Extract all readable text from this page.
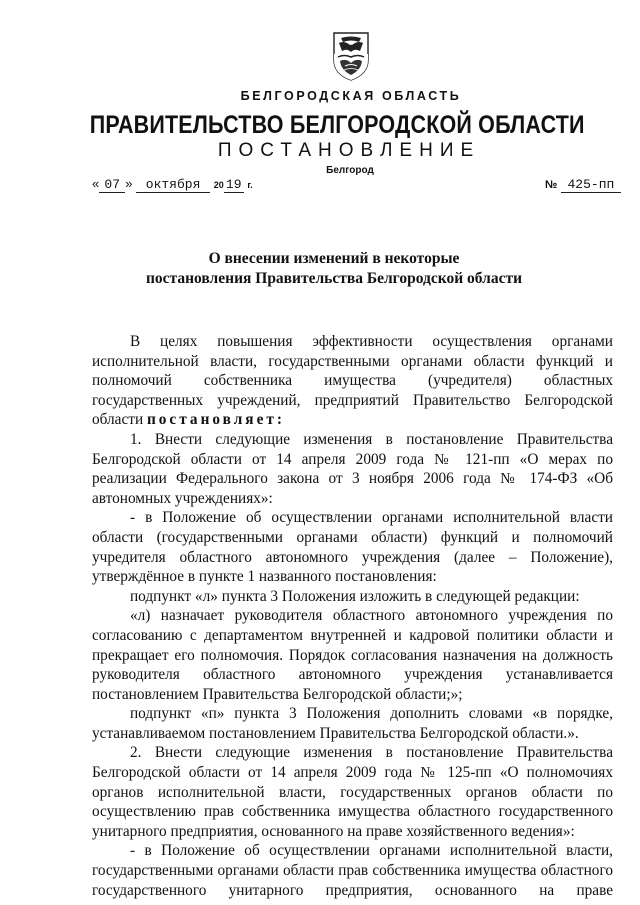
БЕЛГОРОДСКАЯ ОБЛАСТЬ
ПРАВИТЕЛЬСТВО БЕЛГОРОДСКОЙ ОБЛАСТИ
ПОСТАНОВЛЕНИЕ
Белгород
« 07 » октября 20 19 г.	№ 425-пп
О внесении изменений в некоторые
постановления Правительства Белгородской области

В целях повышения эффективности осуществления органами исполнительной власти, государственными органами области функций и полномочий собственника имущества (учредителя) областных государственных учреждений, предприятий Правительство Белгородской области постановляет:

1. Внести следующие изменения в постановление Правительства Белгородской области от 14 апреля 2009 года № 121-пп «О мерах по реализации Федерального закона от 3 ноября 2006 года № 174-ФЗ «Об автономных учреждениях»:

- в Положение об осуществлении органами исполнительной власти области (государственными органами области) функций и полномочий учредителя областного автономного учреждения (далее – Положение), утверждённое в пункте 1 названного постановления:

подпункт «л» пункта 3 Положения изложить в следующей редакции:

«л) назначает руководителя областного автономного учреждения по согласованию с департаментом внутренней и кадровой политики области и прекращает его полномочия. Порядок согласования назначения на должность руководителя областного автономного учреждения устанавливается постановлением Правительства Белгородской области;»;

подпункт «п» пункта 3 Положения дополнить словами «в порядке, устанавливаемом постановлением Правительства Белгородской области.».

2. Внести следующие изменения в постановление Правительства Белгородской области от 14 апреля 2009 года № 125-пп «О полномочиях органов исполнительной власти, государственных органов области по осуществлению прав собственника имущества областного государственного унитарного предприятия, основанного на праве хозяйственного ведения»:

- в Положение об осуществлении органами исполнительной власти, государственными органами области прав собственника имущества областного государственного унитарного предприятия, основанного на праве
